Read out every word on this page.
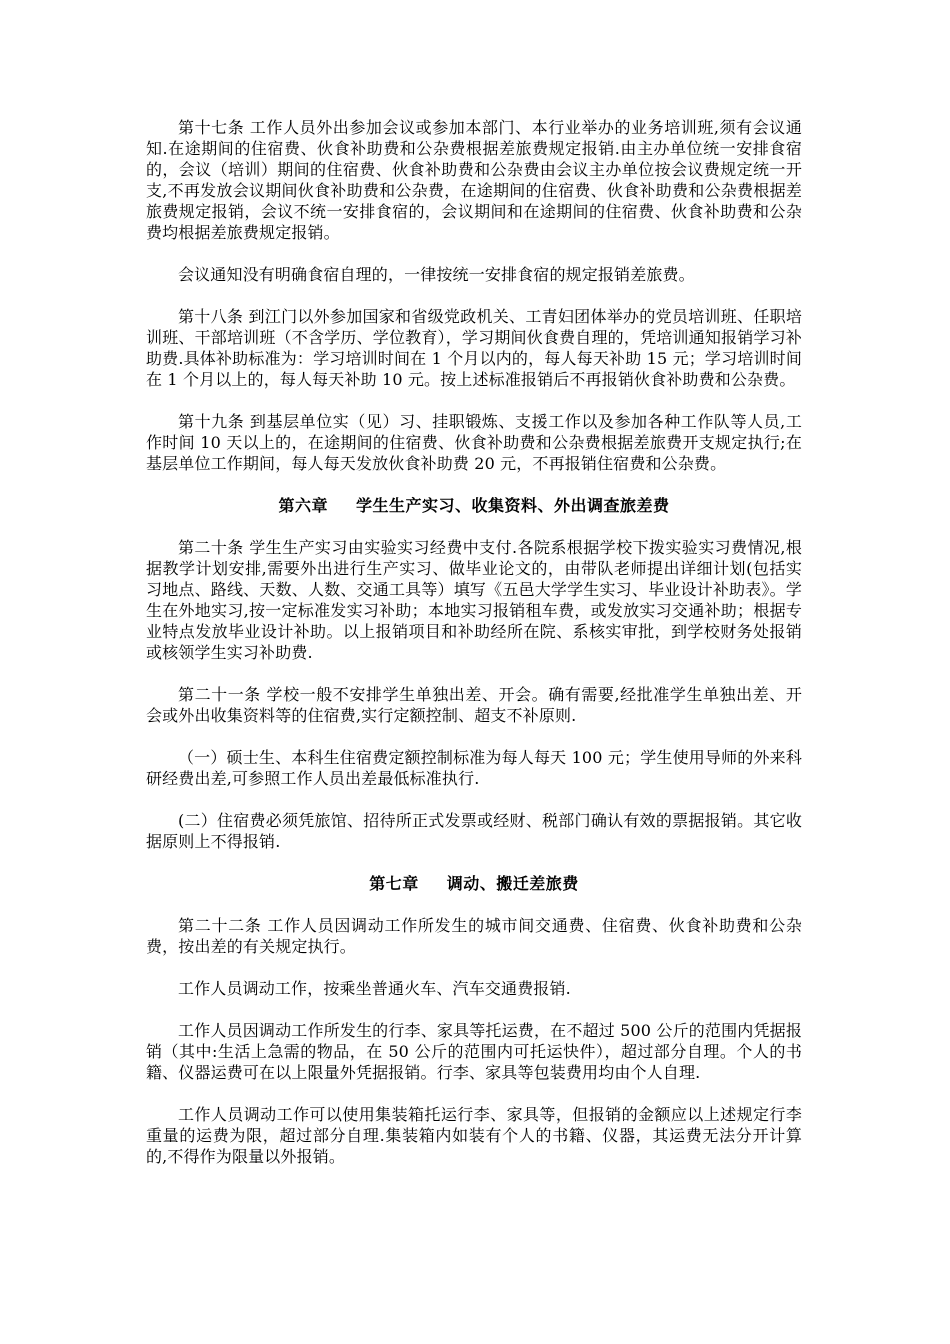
第十七条 工作人员外出参加会议或参加本部门、本行业举办的业务培训班,须有会议通知.在途期间的住宿费、伙食补助费和公杂费根据差旅费规定报销.由主办单位统一安排食宿的，会议（培训）期间的住宿费、伙食补助费和公杂费由会议主办单位按会议费规定统一开支,不再发放会议期间伙食补助费和公杂费，在途期间的住宿费、伙食补助费和公杂费根据差旅费规定报销，会议不统一安排食宿的，会议期间和在途期间的住宿费、伙食补助费和公杂费均根据差旅费规定报销。

会议通知没有明确食宿自理的，一律按统一安排食宿的规定报销差旅费。

第十八条 到江门以外参加国家和省级党政机关、工青妇团体举办的党员培训班、任职培训班、干部培训班（不含学历、学位教育），学习期间伙食费自理的，凭培训通知报销学习补助费.具体补助标准为：学习培训时间在 1 个月以内的，每人每天补助 15 元；学习培训时间在 1 个月以上的，每人每天补助 10 元。按上述标准报销后不再报销伙食补助费和公杂费。

第十九条 到基层单位实（见）习、挂职锻炼、支援工作以及参加各种工作队等人员,工作时间 10 天以上的，在途期间的住宿费、伙食补助费和公杂费根据差旅费开支规定执行;在基层单位工作期间，每人每天发放伙食补助费 20 元，不再报销住宿费和公杂费。

第六章 学生生产实习、收集资料、外出调查旅差费

第二十条 学生生产实习由实验实习经费中支付.各院系根据学校下拨实验实习费情况,根据教学计划安排,需要外出进行生产实习、做毕业论文的，由带队老师提出详细计划(包括实习地点、路线、天数、人数、交通工具等）填写《五邑大学学生实习、毕业设计补助表》。学生在外地实习,按一定标准发实习补助；本地实习报销租车费，或发放实习交通补助；根据专业特点发放毕业设计补助。以上报销项目和补助经所在院、系核实审批，到学校财务处报销或核领学生实习补助费.

第二十一条 学校一般不安排学生单独出差、开会。确有需要,经批准学生单独出差、开会或外出收集资料等的住宿费,实行定额控制、超支不补原则.

（一）硕士生、本科生住宿费定额控制标准为每人每天 100 元；学生使用导师的外来科研经费出差,可参照工作人员出差最低标准执行.

(二）住宿费必须凭旅馆、招待所正式发票或经财、税部门确认有效的票据报销。其它收据原则上不得报销.

第七章 调动、搬迁差旅费

第二十二条 工作人员因调动工作所发生的城市间交通费、住宿费、伙食补助费和公杂费，按出差的有关规定执行。

工作人员调动工作，按乘坐普通火车、汽车交通费报销.

工作人员因调动工作所发生的行李、家具等托运费，在不超过 500 公斤的范围内凭据报销（其中:生活上急需的物品，在 50 公斤的范围内可托运快件），超过部分自理。个人的书籍、仪器运费可在以上限量外凭据报销。行李、家具等包装费用均由个人自理.

工作人员调动工作可以使用集装箱托运行李、家具等，但报销的金额应以上述规定行李重量的运费为限，超过部分自理.集装箱内如装有个人的书籍、仪器，其运费无法分开计算的,不得作为限量以外报销。
